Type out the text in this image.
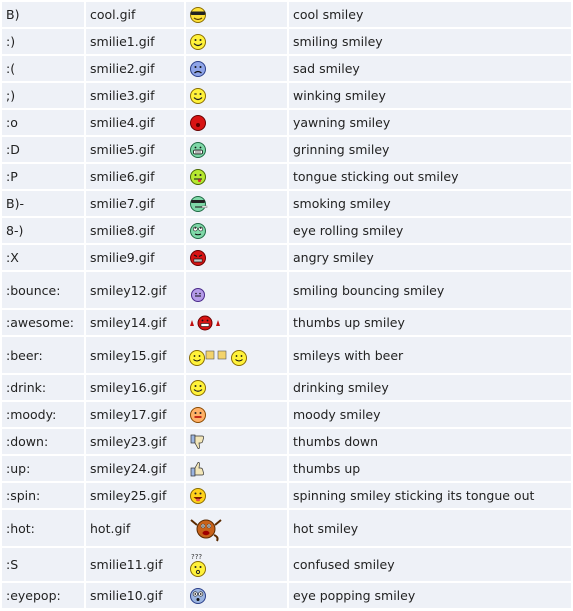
B)	cool.gif		cool smiley
:)	smilie1.gif		smiling smiley
:(	smilie2.gif		sad smiley
;)	smilie3.gif		winking smiley
:o	smilie4.gif		yawning smiley
:D	smilie5.gif		grinning smiley
:P	smilie6.gif		tongue sticking out smiley
B)-	smilie7.gif		smoking smiley
8-)	smilie8.gif		eye rolling smiley
:X	smilie9.gif		angry smiley
:bounce:	smiley12.gif		smiling bouncing smiley
:awesome:	smiley14.gif		thumbs up smiley
:beer:	smiley15.gif		smileys with beer
:drink:	smiley16.gif		drinking smiley
:moody:	smiley17.gif		moody smiley
:down:	smiley23.gif		thumbs down
:up:	smiley24.gif		thumbs up
:spin:	smiley25.gif		spinning smiley sticking its tongue out
:hot:	hot.gif		hot smiley
:S	smilie11.gif	???	confused smiley
:eyepop:	smilie10.gif		eye popping smiley
